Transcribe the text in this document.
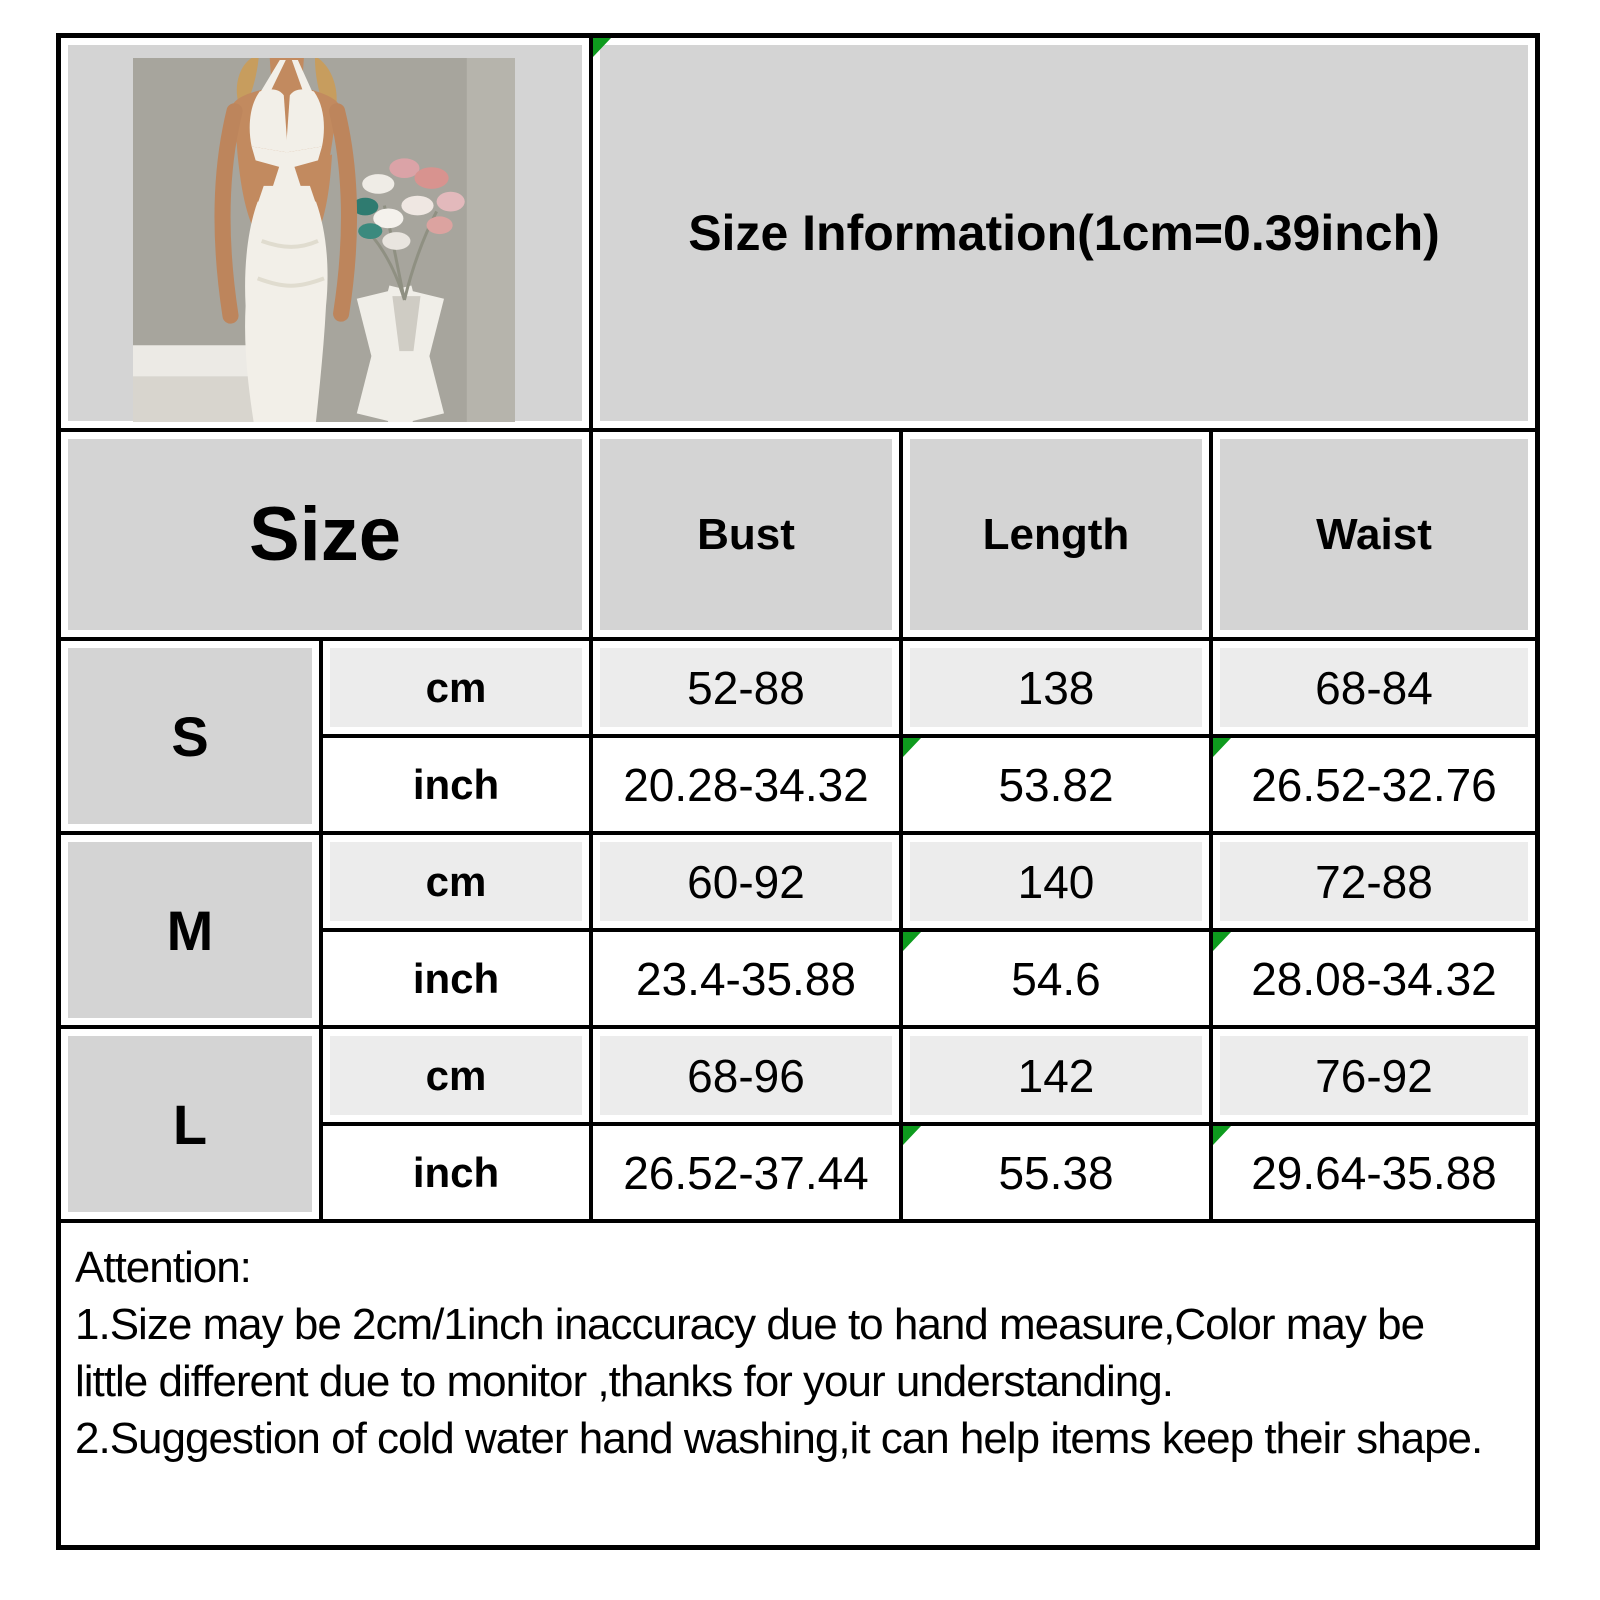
Size Information(1cm=0.39inch)
Size	Bust	Length	Waist
S
cm	52-88	138	68-84
inch	20.28-34.32	53.82	26.52-32.76
M
cm	60-92	140	72-88
inch	23.4-35.88	54.6	28.08-34.32
L
cm	68-96	142	76-92
inch	26.52-37.44	55.38	29.64-35.88
Attention:
1.Size may be 2cm/1inch inaccuracy due to hand measure,Color may be
little different due to monitor ,thanks for your understanding.
2.Suggestion of cold water hand washing,it can help items keep their shape.
